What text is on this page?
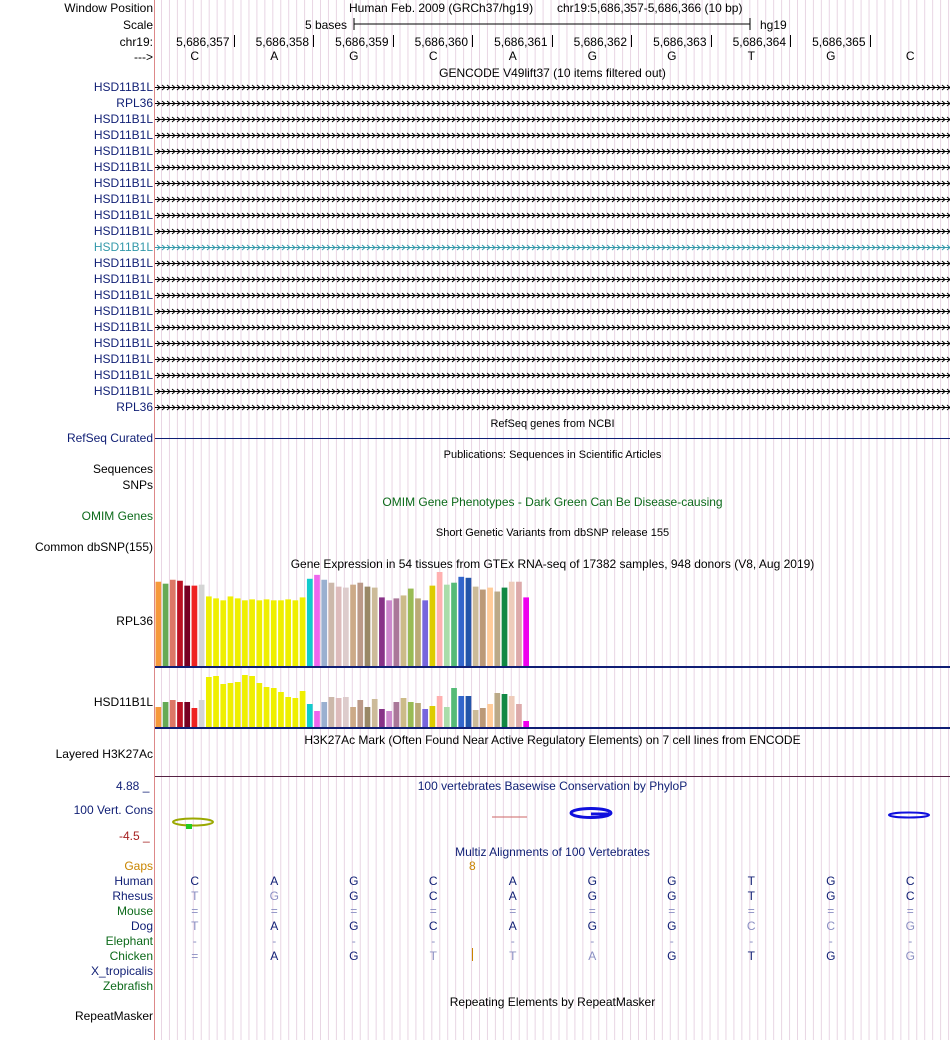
Window Position
Scale
chr19:
--->
Human Feb. 2009 (GRCh37/hg19) chr19:5,686,357-5,686,366 (10 bp)
5 bases	hg19
5,686,357 5,686,358 5,686,359 5,686,360 5,686,361 5,686,362 5,686,363 5,686,364 5,686,365
C	A	G	C	A	G	G	T	G	C
GENCODE V49lift37 (10 items filtered out)
HSD11B1L
RPL36
HSD11B1L
HSD11B1L
HSD11B1L
HSD11B1L
HSD11B1L
HSD11B1L
HSD11B1L
HSD11B1L
HSD11B1L
HSD11B1L
HSD11B1L
HSD11B1L
HSD11B1L
HSD11B1L
HSD11B1L
HSD11B1L
HSD11B1L
HSD11B1L
RPL36
RefSeq genes from NCBI
RefSeq Curated
Publications: Sequences in Scientific Articles
Sequences
SNPs
OMIM Gene Phenotypes - Dark Green Can Be Disease-causing
OMIM Genes
Short Genetic Variants from dbSNP release 155
Common dbSNP(155)
Gene Expression in 54 tissues from GTEx RNA-seq of 17382 samples, 948 donors (V8, Aug 2019)
RPL36
HSD11B1L
H3K27Ac Mark (Often Found Near Active Regulatory Elements) on 7 cell lines from ENCODE
Layered H3K27Ac
100 vertebrates Basewise Conservation by PhyloP
4.88 _
100 Vert. Cons
-4.5 _
Multiz Alignments of 100 Vertebrates
Gaps	8
Human	C	A	G	C	A	G	G	T	G	C
Rhesus	T	G	G	C	A	G	G	T	G	C
Mouse	=	=	=	=	=	=	=	=	=	=
Dog	T	A	G	C	A	G	G	C	C	G
Elephant	-	-	-	-	-	-	-	-	-	-
Chicken	=	A	G	T	T	A	G	T	G	G
X_tropicalis
Zebrafish
Repeating Elements by RepeatMasker
RepeatMasker
